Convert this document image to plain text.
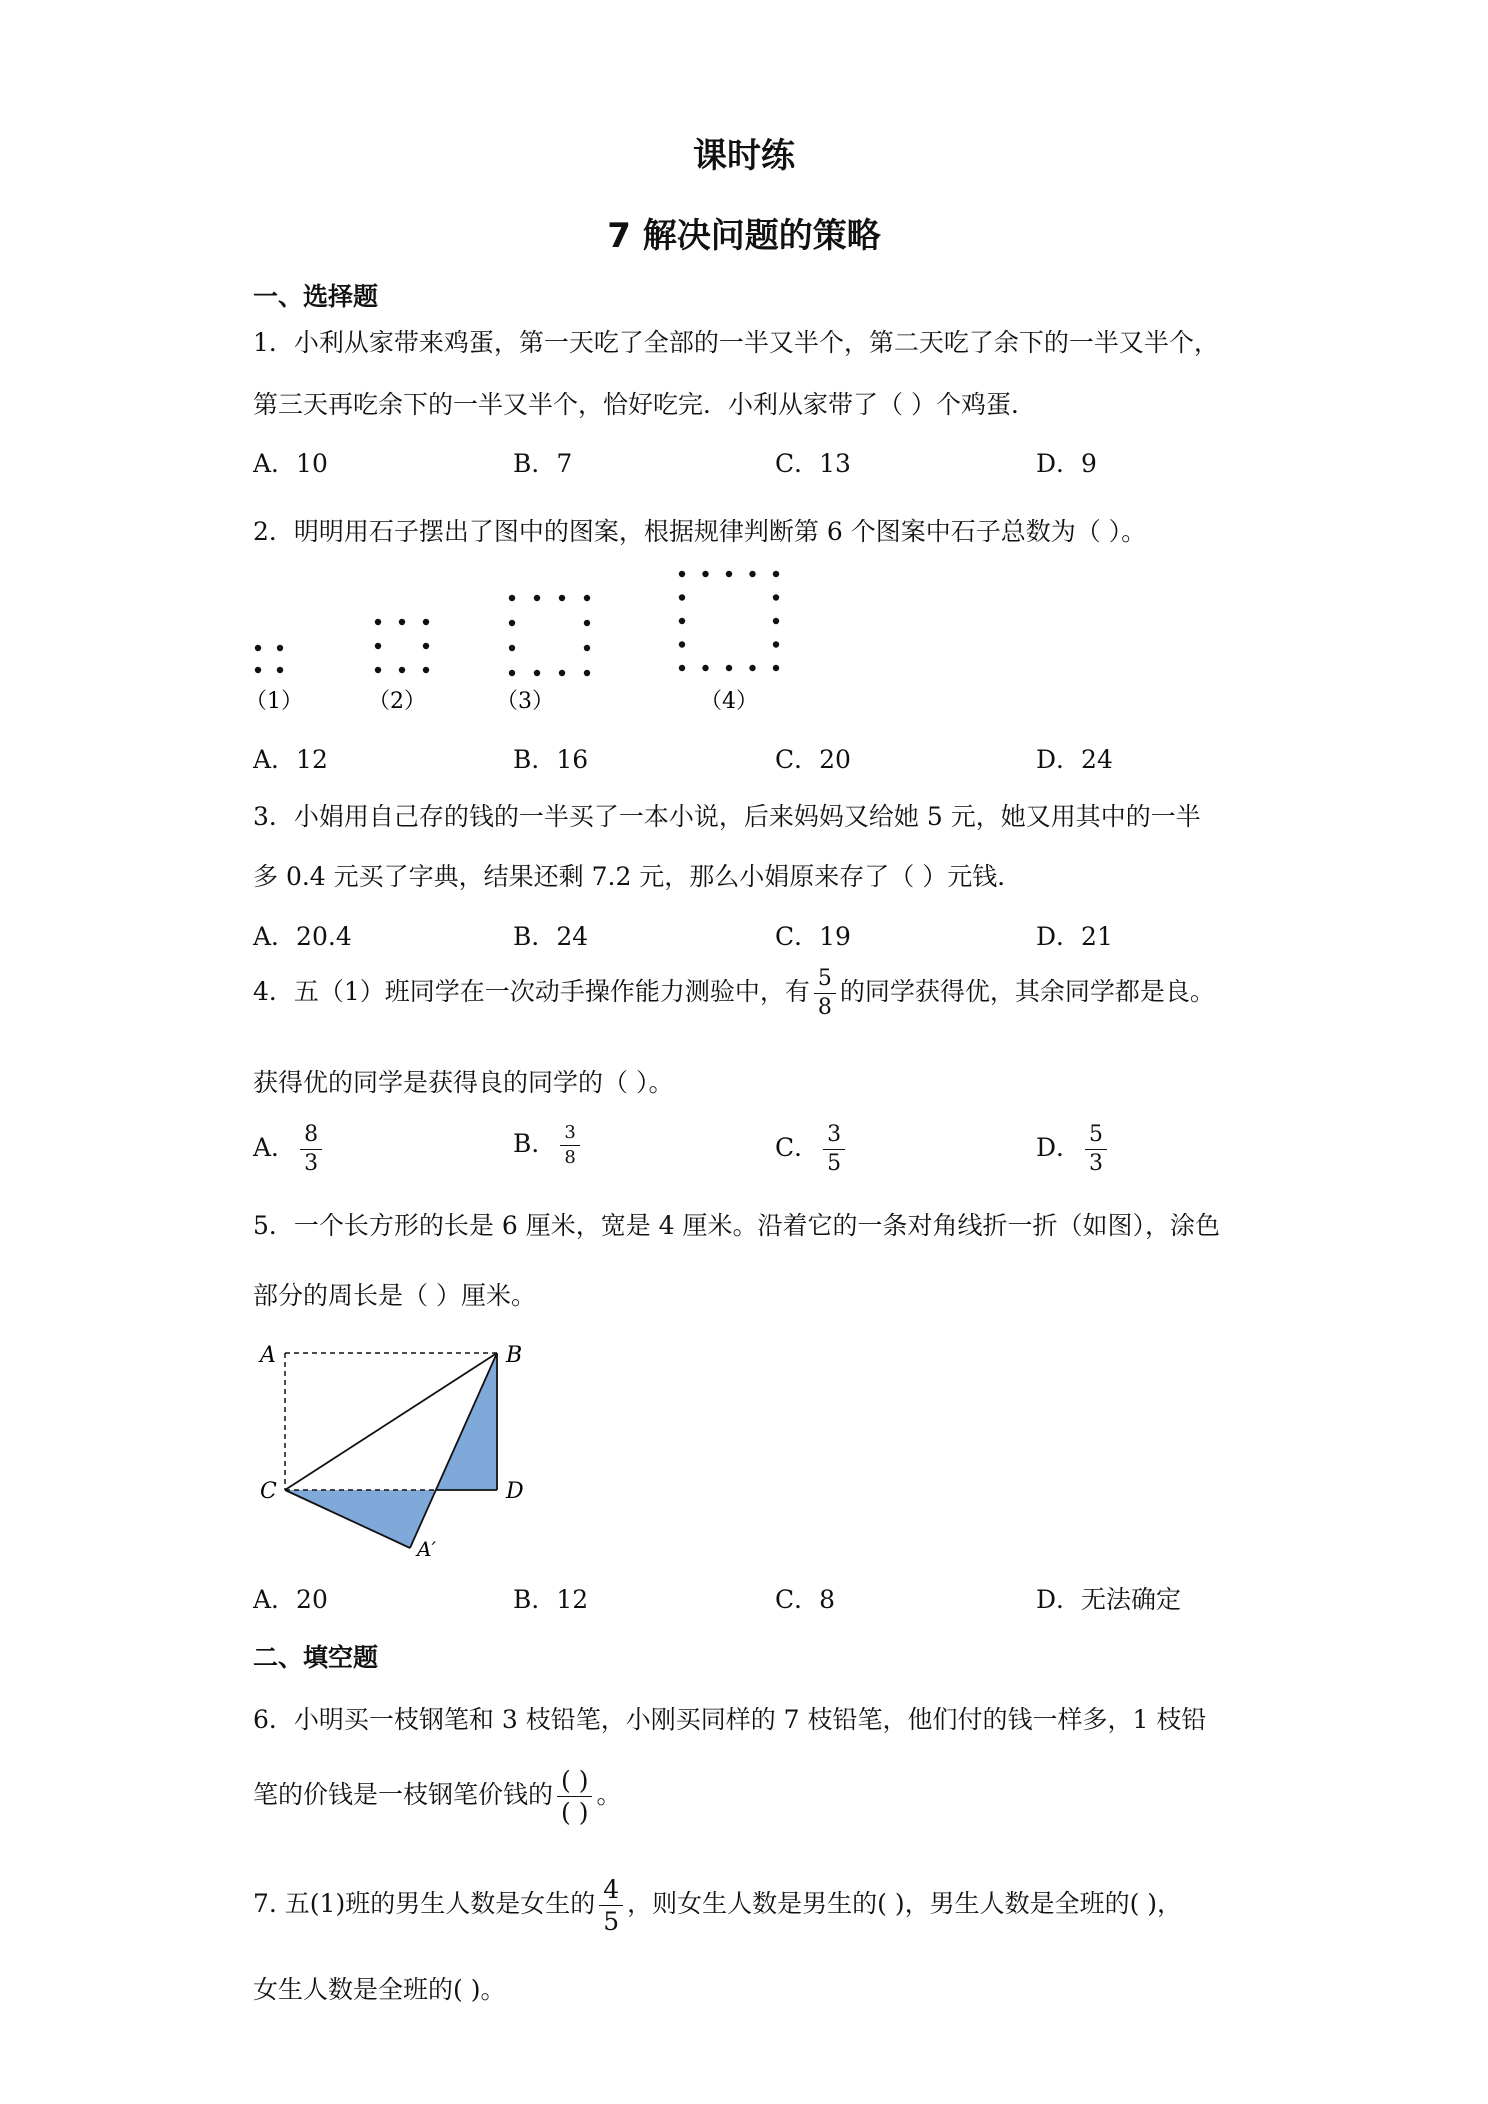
课时练
7 解决问题的策略
一、选择题
1．小利从家带来鸡蛋，第一天吃了全部的一半又半个，第二天吃了余下的一半又半个，
第三天再吃余下的一半又半个，恰好吃完．小利从家带了（ ）个鸡蛋．
A．10	B．7	C．13	D．9
2．明明用石子摆出了图中的图案，根据规律判断第 6 个图案中石子总数为（ ）。
（1）	（2）	（3）	（4）
A．12	B．16	C．20	D．24
3．小娟用自己存的钱的一半买了一本小说，后来妈妈又给她 5 元，她又用其中的一半
多 0.4 元买了字典，结果还剩 7.2 元，那么小娟原来存了（ ）元钱．
A．20.4	B．24	C．19	D．21
4．五（1）班同学在一次动手操作能力测验中，有 $\frac{5}{8}$ 的同学获得优，其余同学都是良。
获得优的同学是获得良的同学的（ ）。
A． $\frac{8}{3}$	B． $\frac{3}{8}$	C． $\frac{3}{5}$	D． $\frac{5}{3}$
5．一个长方形的长是 6 厘米，宽是 4 厘米。沿着它的一条对角线折一折（如图），涂色
部分的周长是（ ）厘米。
A	B
C	D
A′
A．20	B．12	C．8	D．无法确定
二、填空题
6．小明买一枝钢笔和 3 枝铅笔，小刚买同样的 7 枝铅笔，他们付的钱一样多，1 枝铅
笔的价钱是一枝钢笔价钱的 $\frac{( )}{( )}$ 。
7. 五(1)班的男生人数是女生的 $\frac{4}{5}$ ，则女生人数是男生的( )，男生人数是全班的( )，
女生人数是全班的( )。
